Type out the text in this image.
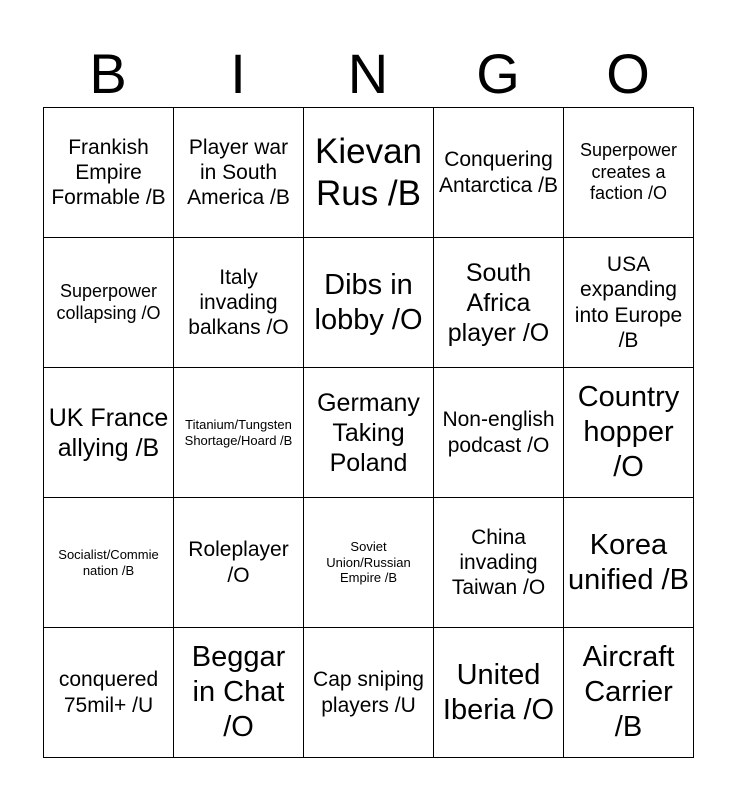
B	I	N	G	O
Frankish Empire Formable /B	Player war in South America /B	Kievan Rus /B	Conquering Antarctica /B	Superpower creates a faction /O
Superpower collapsing /O	Italy invading balkans /O	Dibs in lobby /O	South Africa player /O	USA expanding into Europe /B
UK France allying /B	Titanium/Tungsten Shortage/Hoard /B	Germany Taking Poland	Non-english podcast /O	Country hopper /O
Socialist/Commie nation /B	Roleplayer /O	Soviet Union/Russian Empire /B	China invading Taiwan /O	Korea unified /B
conquered 75mil+ /U	Beggar in Chat /O	Cap sniping players /U	United Iberia /O	Aircraft Carrier /B
